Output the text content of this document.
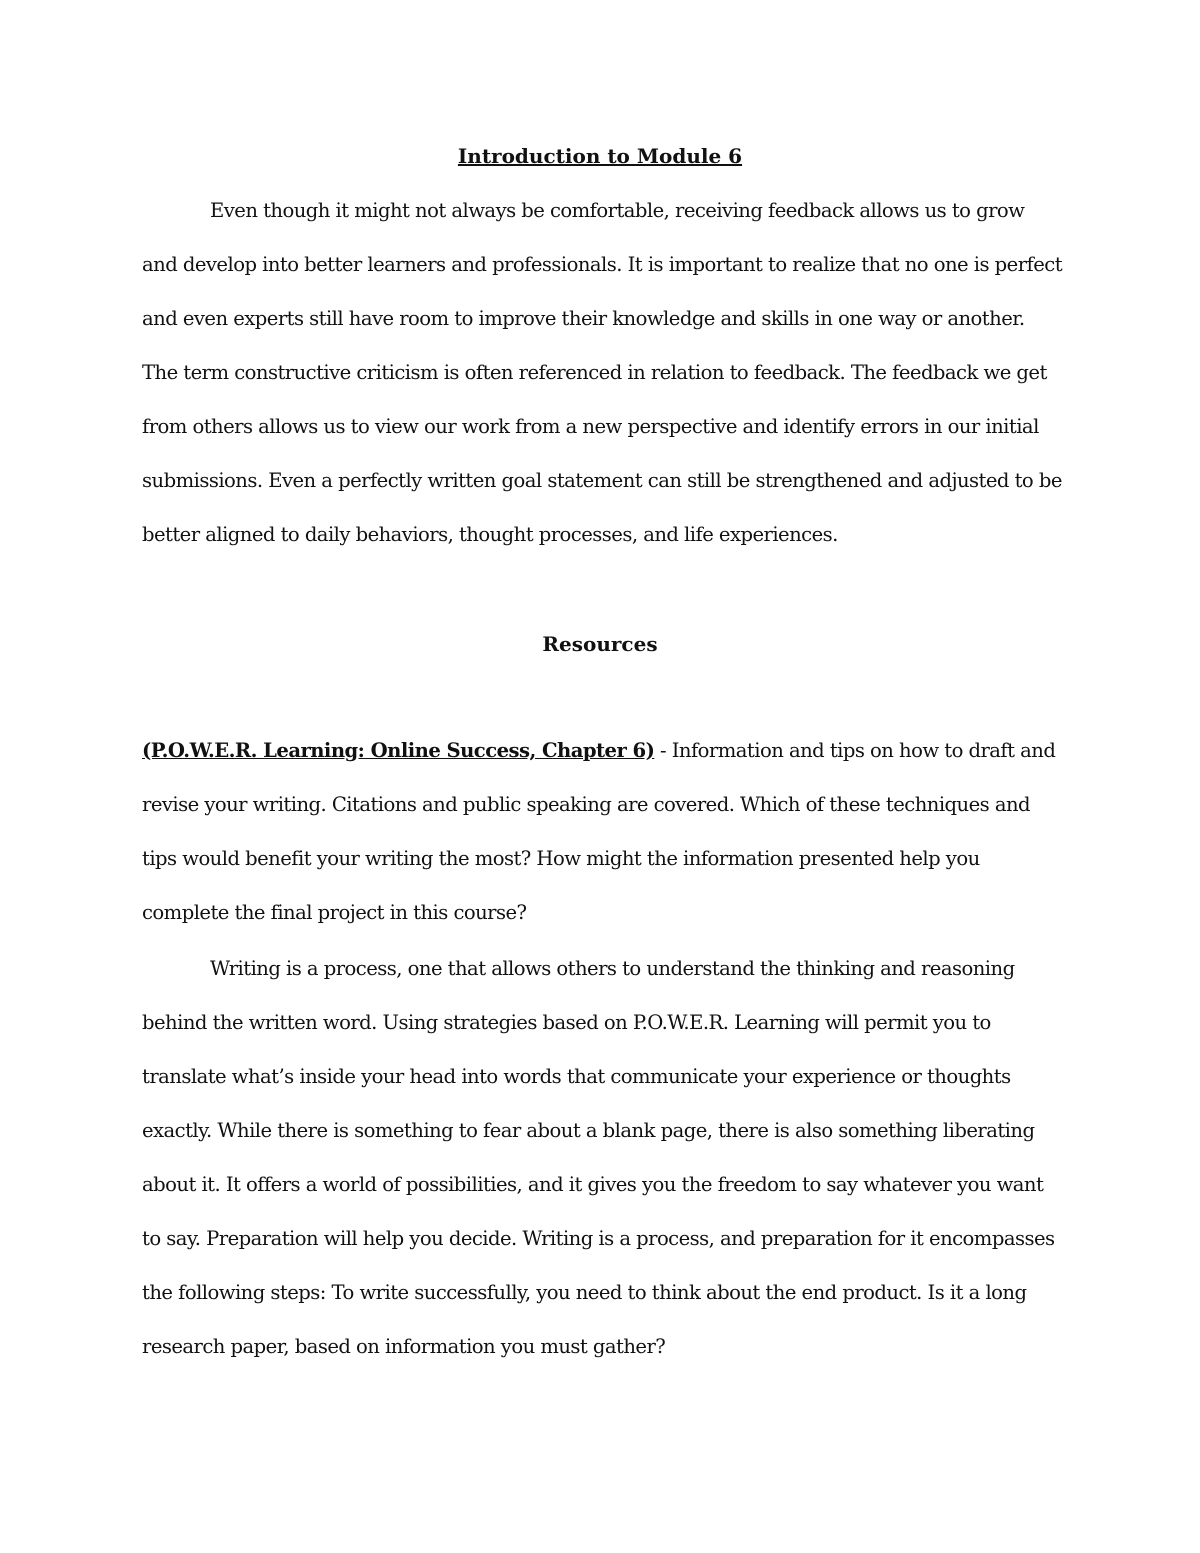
Introduction to Module 6

Even though it might not always be comfortable, receiving feedback allows us to grow
and develop into better learners and professionals. It is important to realize that no one is perfect
and even experts still have room to improve their knowledge and skills in one way or another.
The term constructive criticism is often referenced in relation to feedback. The feedback we get
from others allows us to view our work from a new perspective and identify errors in our initial
submissions. Even a perfectly written goal statement can still be strengthened and adjusted to be
better aligned to daily behaviors, thought processes, and life experiences.

Resources

(P.O.W.E.R. Learning: Online Success, Chapter 6) - Information and tips on how to draft and
revise your writing. Citations and public speaking are covered. Which of these techniques and
tips would benefit your writing the most? How might the information presented help you
complete the final project in this course?

Writing is a process, one that allows others to understand the thinking and reasoning
behind the written word. Using strategies based on P.O.W.E.R. Learning will permit you to
translate what’s inside your head into words that communicate your experience or thoughts
exactly. While there is something to fear about a blank page, there is also something liberating
about it. It offers a world of possibilities, and it gives you the freedom to say whatever you want
to say. Preparation will help you decide. Writing is a process, and preparation for it encompasses
the following steps: To write successfully, you need to think about the end product. Is it a long
research paper, based on information you must gather?
